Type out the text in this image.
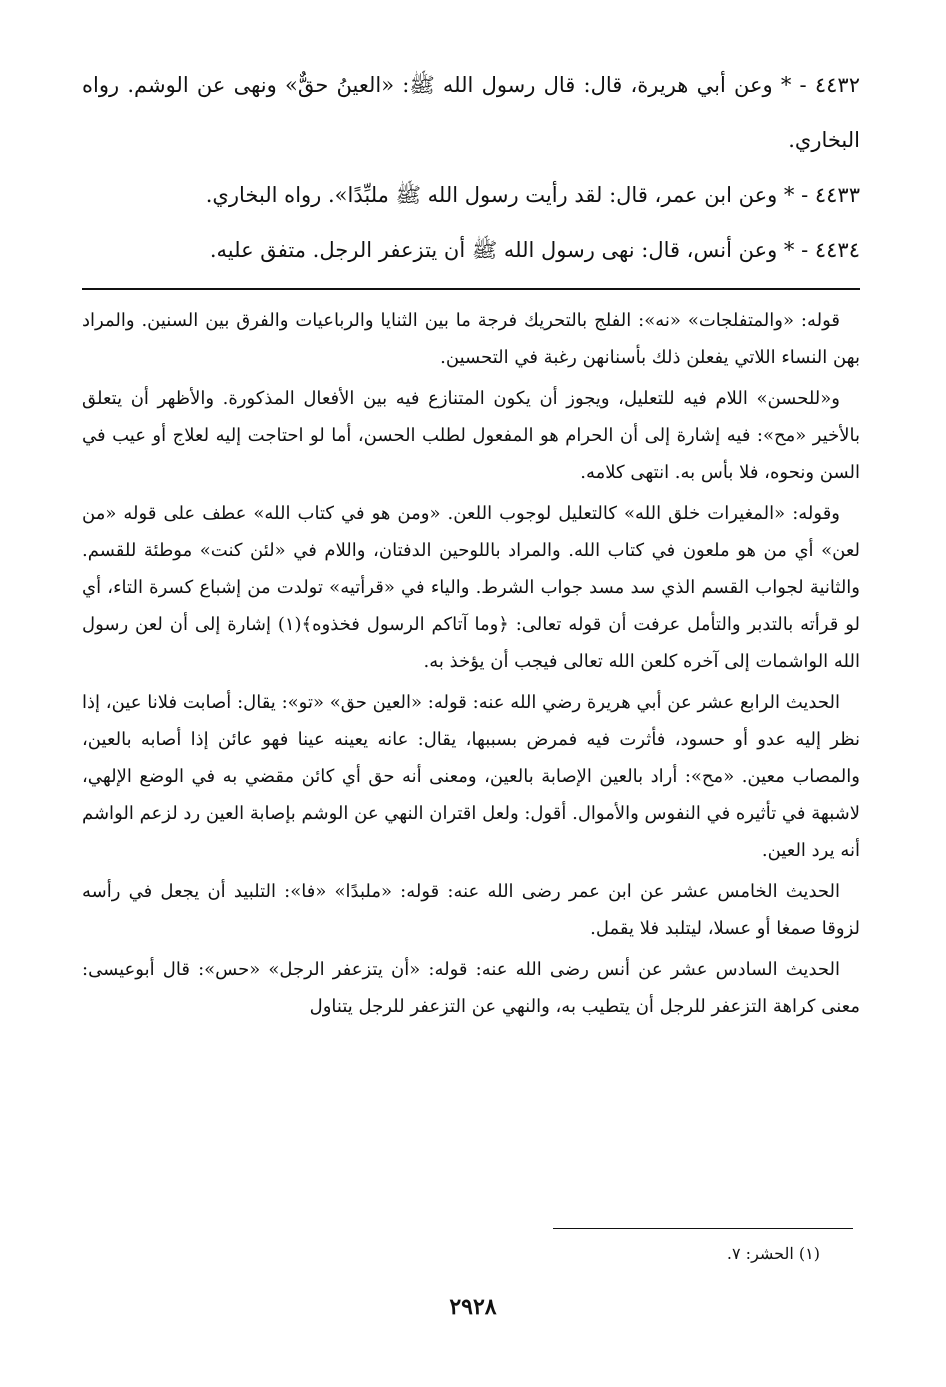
٤٤٣٢ - * وعن أبي هريرة، قال: قال رسول الله ﷺ: «العينُ حقٌّ» ونهى عن الوشم. رواه البخاري.

٤٤٣٣ - * وعن ابن عمر، قال: لقد رأيت رسول الله ﷺ ملبِّدًا». رواه البخاري.

٤٤٣٤ - * وعن أنس، قال: نهى رسول الله ﷺ أن يتزعفر الرجل. متفق عليه.

قوله: «والمتفلجات» «نه»: الفلج بالتحريك فرجة ما بين الثنايا والرباعيات والفرق بين السنين. والمراد بهن النساء اللاتي يفعلن ذلك بأسنانهن رغبة في التحسين.

و«للحسن» اللام فيه للتعليل، ويجوز أن يكون المتنازع فيه بين الأفعال المذكورة. والأظهر أن يتعلق بالأخير «مح»: فيه إشارة إلى أن الحرام هو المفعول لطلب الحسن، أما لو احتاجت إليه لعلاج أو عيب في السن ونحوه، فلا بأس به. انتهى كلامه.

وقوله: «المغيرات خلق الله» كالتعليل لوجوب اللعن. «ومن هو في كتاب الله» عطف على قوله «من لعن» أي من هو ملعون في كتاب الله. والمراد باللوحين الدفتان، واللام في «لئن كنت» موطئة للقسم. والثانية لجواب القسم الذي سد مسد جواب الشرط. والياء في «قرأتيه» تولدت من إشباع كسرة التاء، أي لو قرأته بالتدبر والتأمل عرفت أن قوله تعالى: ﴿وما آتاكم الرسول فخذوه﴾(١) إشارة إلى أن لعن رسول الله الواشمات إلى آخره كلعن الله تعالى فيجب أن يؤخذ به.

الحديث الرابع عشر عن أبي هريرة رضي الله عنه: قوله: «العين حق» «تو»: يقال: أصابت فلانا عين، إذا نظر إليه عدو أو حسود، فأثرت فيه فمرض بسببها، يقال: عانه يعينه عينا فهو عائن إذا أصابه بالعين، والمصاب معين. «مح»: أراد بالعين الإصابة بالعين، ومعنى أنه حق أي كائن مقضي به في الوضع الإلهي، لاشبهة في تأثيره في النفوس والأموال. أقول: ولعل اقتران النهي عن الوشم بإصابة العين رد لزعم الواشم أنه يرد العين.

الحديث الخامس عشر عن ابن عمر رضى الله عنه: قوله: «ملبدًا» «فا»: التلبيد أن يجعل في رأسه لزوقا صمغا أو عسلا، ليتلبد فلا يقمل.

الحديث السادس عشر عن أنس رضى الله عنه: قوله: «أن يتزعفر الرجل» «حس»: قال أبوعيسى: معنى كراهة التزعفر للرجل أن يتطيب به، والنهي عن التزعفر للرجل يتناول

(١) الحشر: ٧.
٢٩٢٨
